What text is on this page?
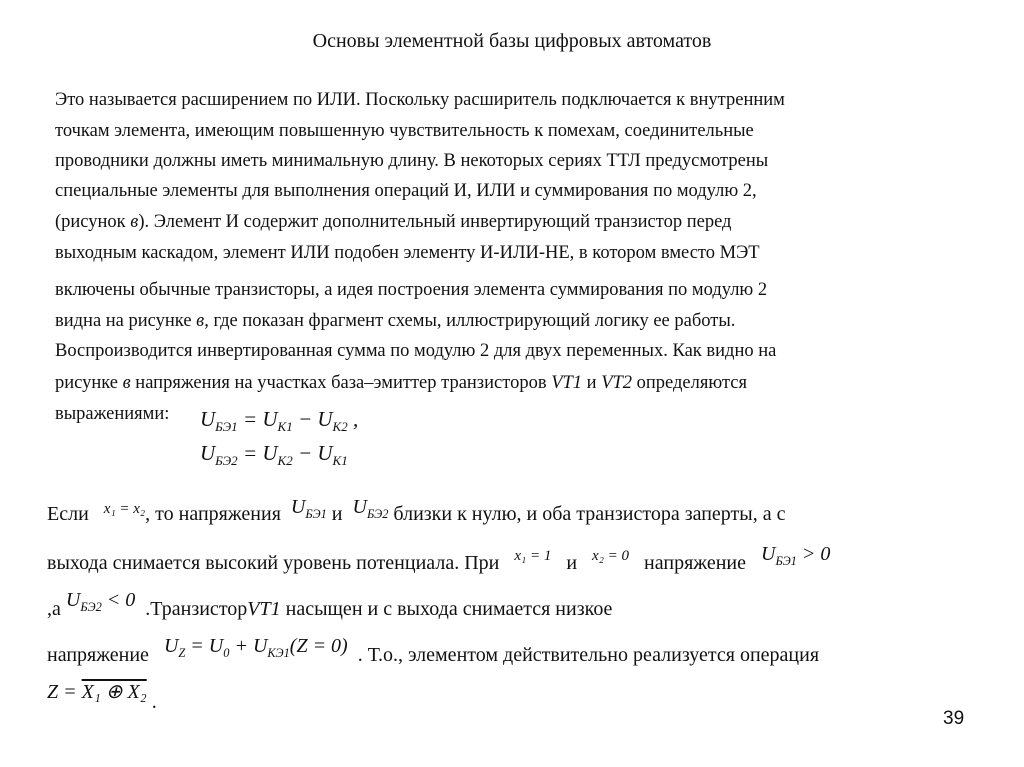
Основы элементной базы цифровых автоматов
Это называется расширением по ИЛИ. Поскольку расширитель подключается к внутренним
точкам элемента, имеющим повышенную чувствительность к помехам, соединительные
проводники должны иметь минимальную длину. В некоторых сериях ТТЛ предусмотрены
специальные элементы для выполнения операций И, ИЛИ и суммирования по модулю 2,
(рисунок в). Элемент И содержит дополнительный инвертирующий транзистор перед
выходным каскадом, элемент ИЛИ подобен элементу И-ИЛИ-НЕ, в котором вместо МЭТ
включены обычные транзисторы, а идея построения элемента суммирования по модулю 2
видна на рисунке в, где показан фрагмент схемы, иллюстрирующий логику ее работы.
Воспроизводится инвертированная сумма по модулю 2 для двух переменных. Как видно на
рисунке в напряжения на участках база–эмиттер транзисторов VT1 и VT2 определяются
выражениями: $U_{БЭ1} = U_{К1} - U_{К2}$ ,
$U_{БЭ2} = U_{К2} - U_{К1}$
Если   $^{x_1 = x_2}$, то напряжения  $U_{БЭ1}$ и  $U_{БЭ2}$ близки к нулю, и оба транзистора заперты, а с
выхода снимается высокий уровень потенциала. При   $^{x_1 = 1}$   и   $^{x_2 = 0}$   напряжение   $U_{БЭ1} > 0$
,а $U_{БЭ2} < 0$  .ТранзисторVT1 насыщен и с выхода снимается низкое
напряжение   $U_Z = U_0 + U_{КЭ1}(Z = 0)$  . Т.о., элементом действительно реализуется операция
Z = X₁ ⊕ X₂ .
39
